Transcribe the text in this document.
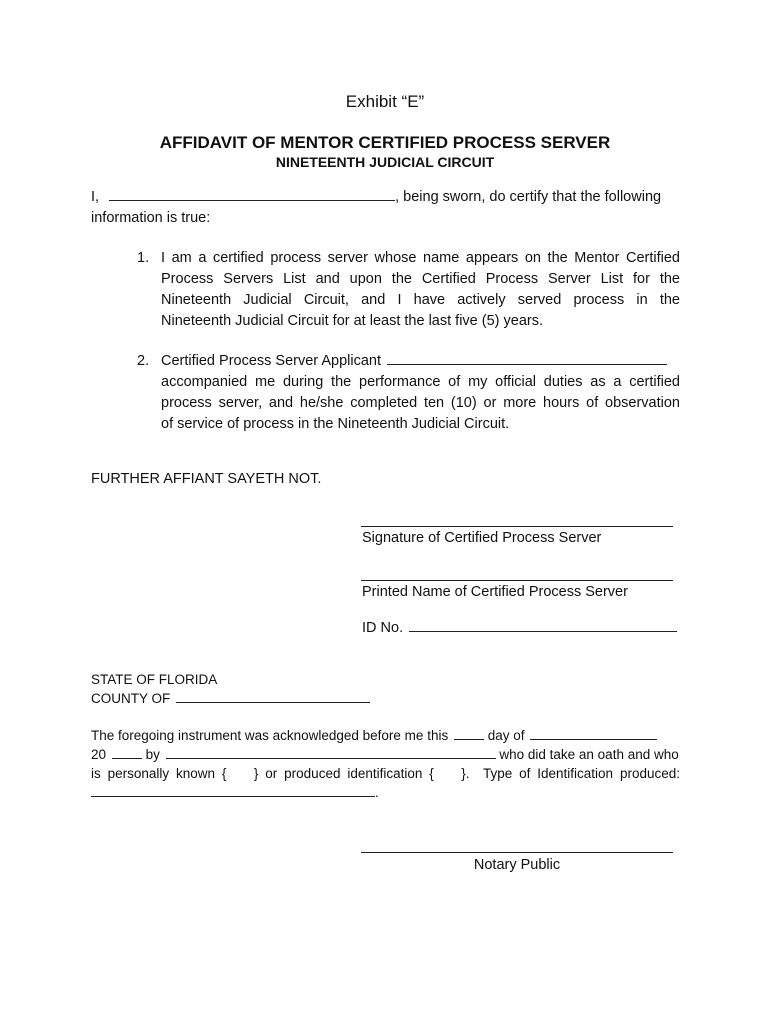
Exhibit “E”
AFFIDAVIT OF MENTOR CERTIFIED PROCESS SERVER
NINETEENTH JUDICIAL CIRCUIT
I,	, being sworn, do certify that the following
information is true:
1. I am a certified process server whose name appears on the Mentor Certified
Process Servers List and upon the Certified Process Server List for the
Nineteenth Judicial Circuit, and I have actively served process in the
Nineteenth Judicial Circuit for at least the last five (5) years.
2. Certified Process Server Applicant
accompanied me during the performance of my official duties as a certified
process server, and he/she completed ten (10) or more hours of observation
of service of process in the Nineteenth Judicial Circuit.
FURTHER AFFIANT SAYETH NOT.
Signature of Certified Process Server
Printed Name of Certified Process Server
ID No.
STATE OF FLORIDA
COUNTY OF
The foregoing instrument was acknowledged before me this	day of
20	by	who did take an oath and who
is personally known {    } or produced identification {    }.  Type of Identification produced:
.
Notary Public
